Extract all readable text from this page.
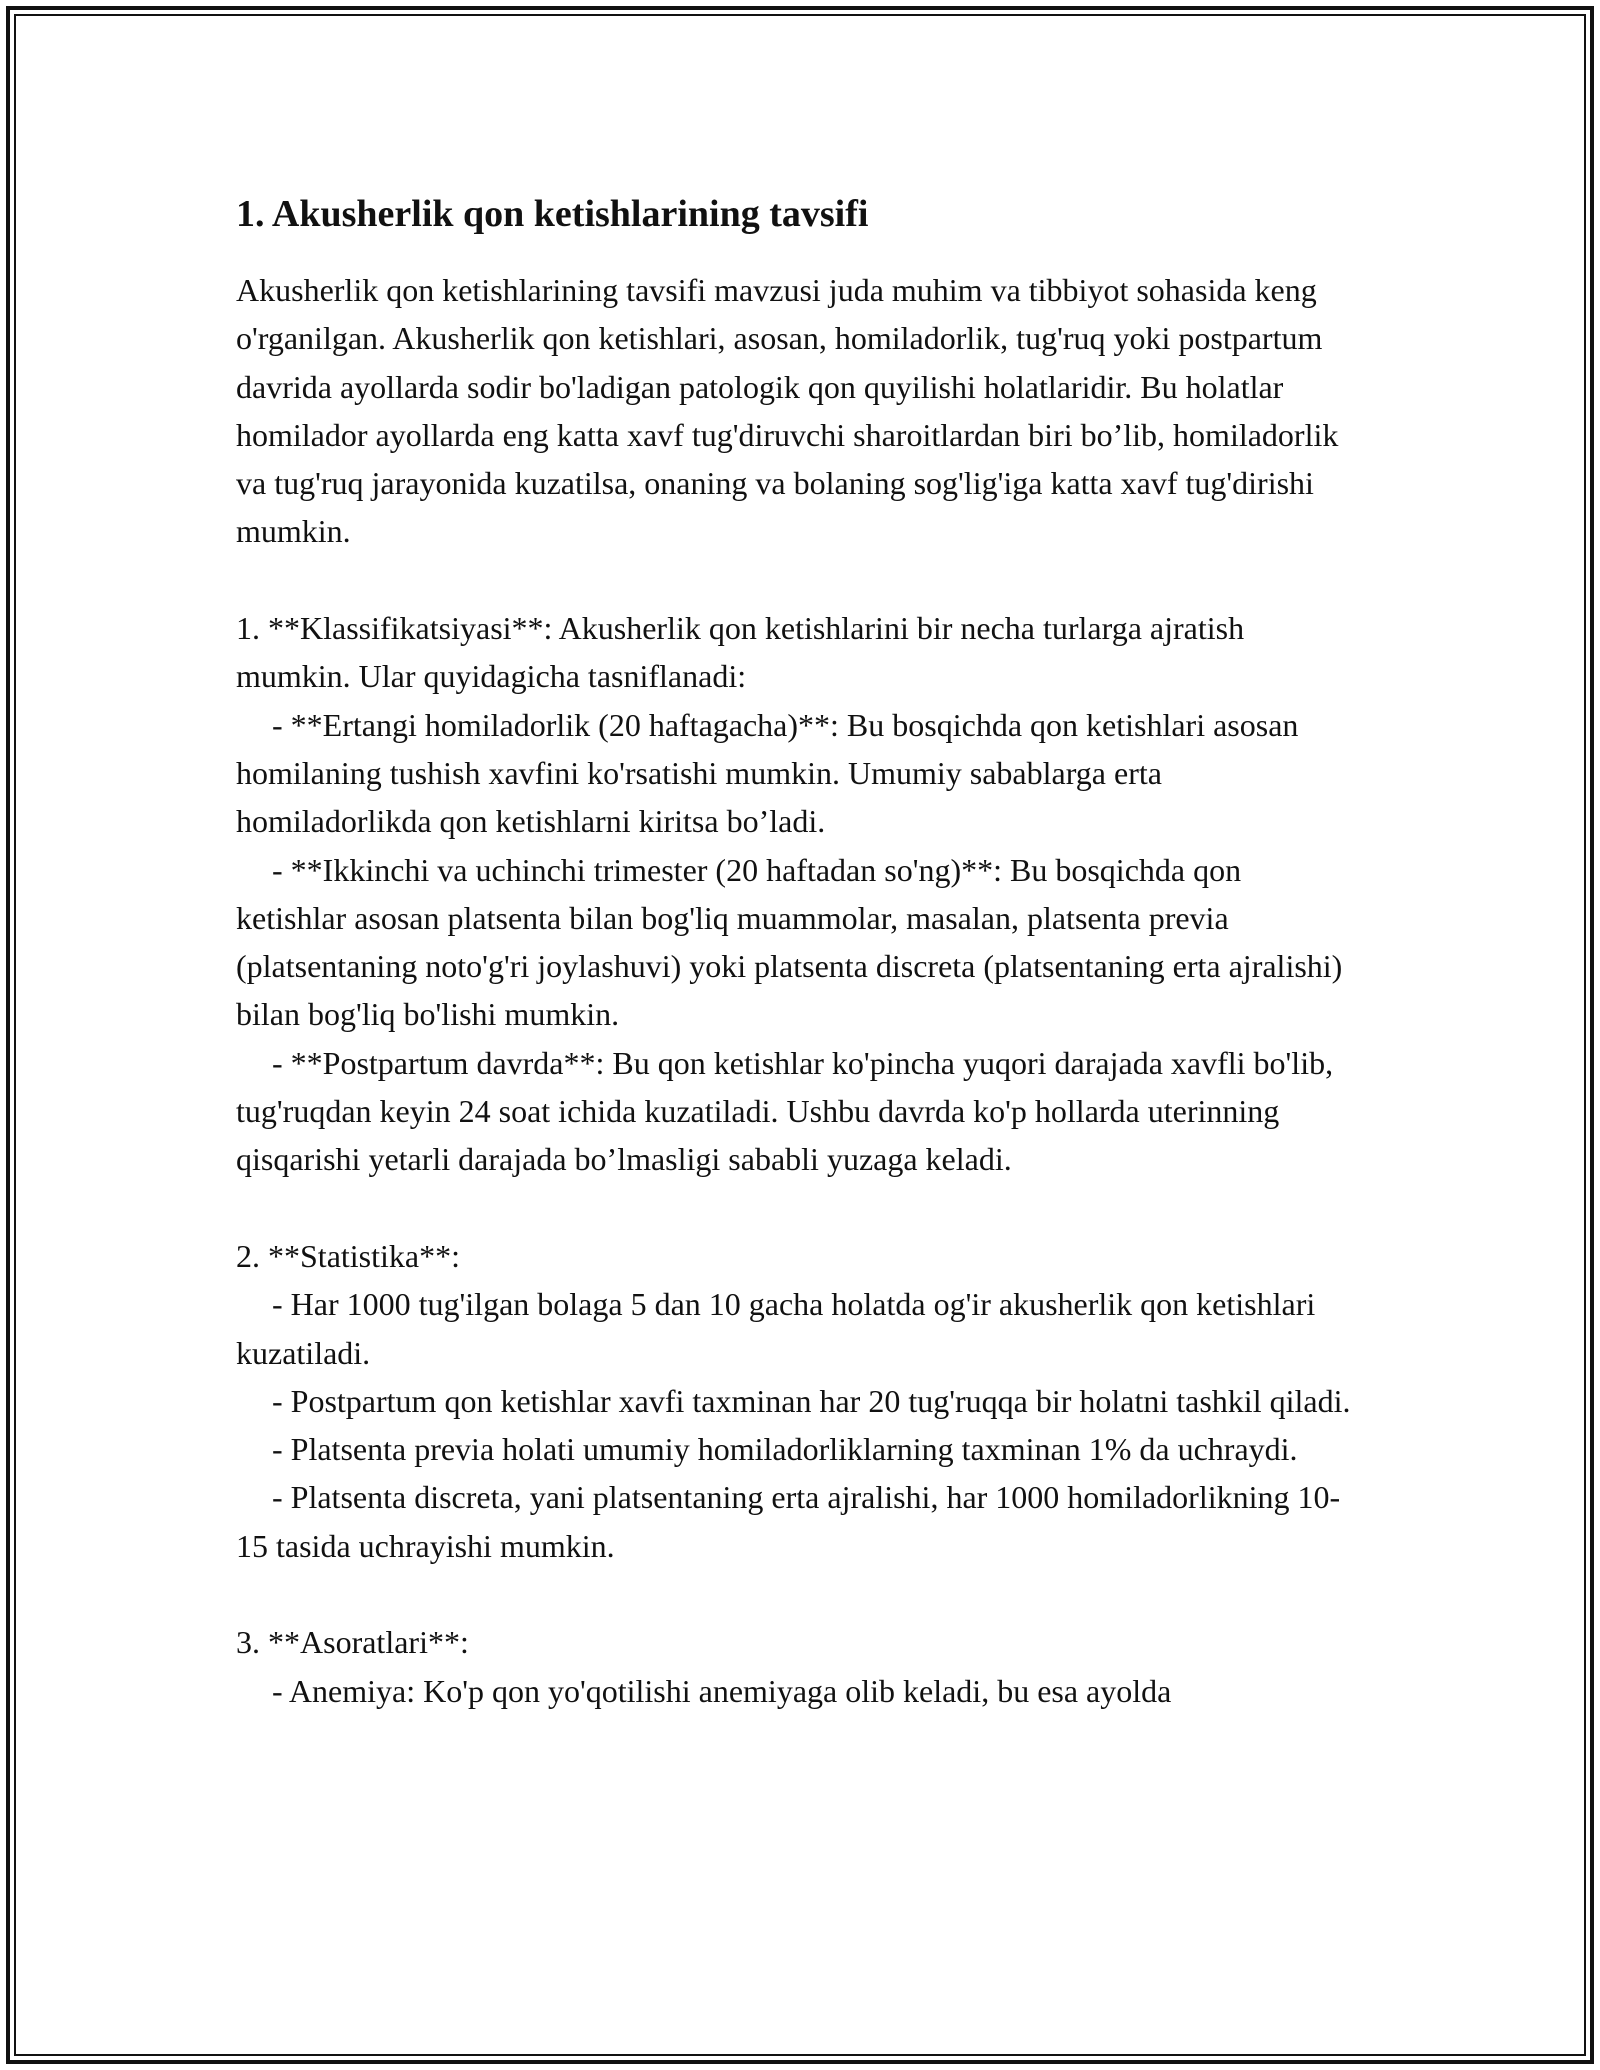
1. Akusherlik qon ketishlarining tavsifi

Akusherlik qon ketishlarining tavsifi mavzusi juda muhim va tibbiyot sohasida keng o'rganilgan. Akusherlik qon ketishlari, asosan, homiladorlik, tug'ruq yoki postpartum davrida ayollarda sodir bo'ladigan patologik qon quyilishi holatlaridir. Bu holatlar homilador ayollarda eng katta xavf tug'diruvchi sharoitlardan biri bo’lib, homiladorlik va tug'ruq jarayonida kuzatilsa, onaning va bolaning sog'lig'iga katta xavf tug'dirishi mumkin.

1. **Klassifikatsiyasi**: Akusherlik qon ketishlarini bir necha turlarga ajratish mumkin. Ular quyidagicha tasniflanadi:

- **Ertangi homiladorlik (20 haftagacha)**: Bu bosqichda qon ketishlari asosan homilaning tushish xavfini ko'rsatishi mumkin. Umumiy sabablarga erta homiladorlikda qon ketishlarni kiritsa bo’ladi.

- **Ikkinchi va uchinchi trimester (20 haftadan so'ng)**: Bu bosqichda qon ketishlar asosan platsenta bilan bog'liq muammolar, masalan, platsenta previa (platsentaning noto'g'ri joylashuvi) yoki platsenta discreta (platsentaning erta ajralishi) bilan bog'liq bo'lishi mumkin.

- **Postpartum davrda**: Bu qon ketishlar ko'pincha yuqori darajada xavfli bo'lib, tug'ruqdan keyin 24 soat ichida kuzatiladi. Ushbu davrda ko'p hollarda uterinning qisqarishi yetarli darajada bo’lmasligi sababli yuzaga keladi.

2. **Statistika**:

- Har 1000 tug'ilgan bolaga 5 dan 10 gacha holatda og'ir akusherlik qon ketishlari kuzatiladi.

- Postpartum qon ketishlar xavfi taxminan har 20 tug'ruqqa bir holatni tashkil qiladi.

- Platsenta previa holati umumiy homiladorliklarning taxminan 1% da uchraydi.

- Platsenta discreta, yani platsentaning erta ajralishi, har 1000 homiladorlikning 10-15 tasida uchrayishi mumkin.

3. **Asoratlari**:

- Anemiya: Ko'p qon yo'qotilishi anemiyaga olib keladi, bu esa ayolda
